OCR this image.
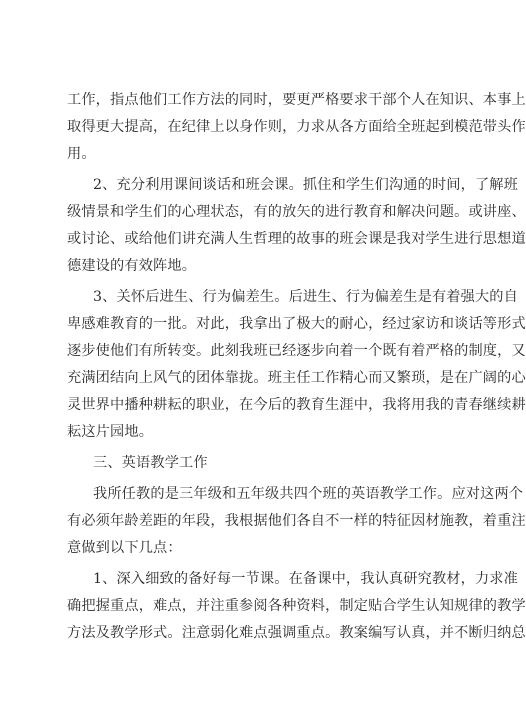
工作，指点他们工作方法的同时，要更严格要求干部个人在知识、本事上
取得更大提高，在纪律上以身作则，力求从各方面给全班起到模范带头作
用。
2、充分利用课间谈话和班会课。抓住和学生们沟通的时间，了解班
级情景和学生们的心理状态，有的放矢的进行教育和解决问题。或讲座、
或讨论、或给他们讲充满人生哲理的故事的班会课是我对学生进行思想道
德建设的有效阵地。
3、关怀后进生、行为偏差生。后进生、行为偏差生是有着强大的自
卑感难教育的一批。对此，我拿出了极大的耐心，经过家访和谈话等形式
逐步使他们有所转变。此刻我班已经逐步向着一个既有着严格的制度，又
充满团结向上风气的团体靠拢。班主任工作精心而又繁琐，是在广阔的心
灵世界中播种耕耘的职业，在今后的教育生涯中，我将用我的青春继续耕
耘这片园地。
三、英语教学工作
我所任教的是三年级和五年级共四个班的英语教学工作。应对这两个
有必须年龄差距的年段，我根据他们各自不一样的特征因材施教，着重注
意做到以下几点：
1、深入细致的备好每一节课。在备课中，我认真研究教材，力求准
确把握重点，难点，并注重参阅各种资料，制定贴合学生认知规律的教学
方法及教学形式。注意弱化难点强调重点。教案编写认真，并不断归纳总
